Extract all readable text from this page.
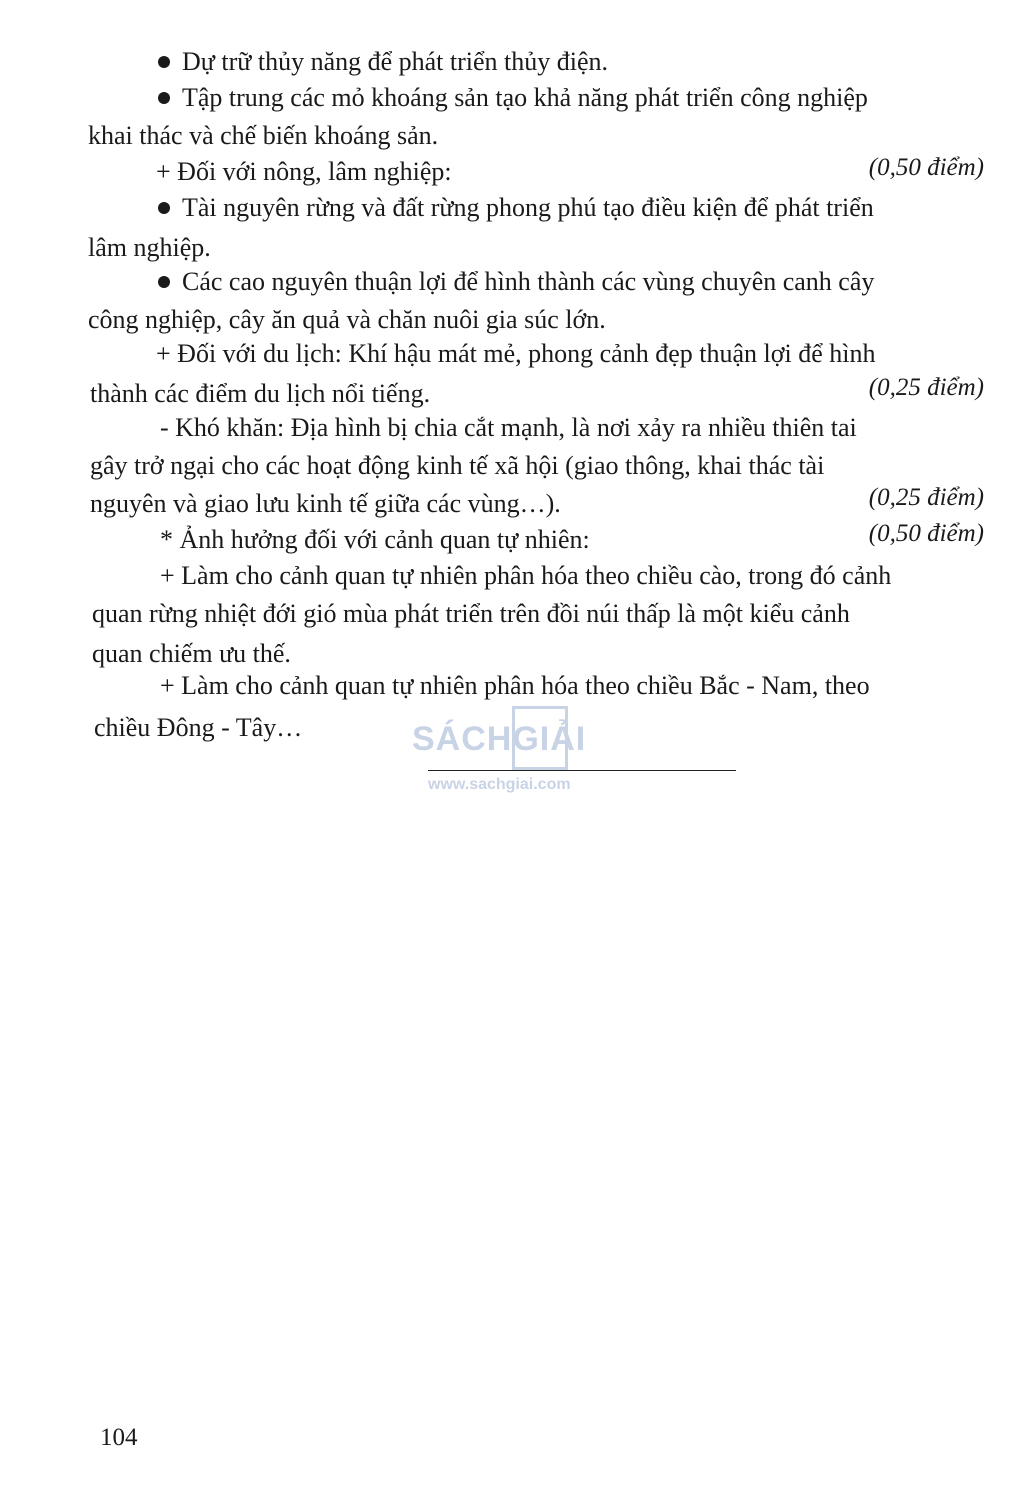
Dự trữ thủy năng để phát triển thủy điện.
Tập trung các mỏ khoáng sản tạo khả năng phát triển công nghiệp
khai thác và chế biến khoáng sản.
+ Đối với nông, lâm nghiệp:	(0,50 điểm)
Tài nguyên rừng và đất rừng phong phú tạo điều kiện để phát triển
lâm nghiệp.
Các cao nguyên thuận lợi để hình thành các vùng chuyên canh cây
công nghiệp, cây ăn quả và chăn nuôi gia súc lớn.
+ Đối với du lịch: Khí hậu mát mẻ, phong cảnh đẹp thuận lợi để hình
thành các điểm du lịch nổi tiếng.	(0,25 điểm)
- Khó khăn: Địa hình bị chia cắt mạnh, là nơi xảy ra nhiều thiên tai
gây trở ngại cho các hoạt động kinh tế xã hội (giao thông, khai thác tài
nguyên và giao lưu kinh tế giữa các vùng…).	(0,25 điểm)
* Ảnh hưởng đối với cảnh quan tự nhiên:	(0,50 điểm)
+ Làm cho cảnh quan tự nhiên phân hóa theo chiều cào, trong đó cảnh
quan rừng nhiệt đới gió mùa phát triển trên đồi núi thấp là một kiểu cảnh
quan chiếm ưu thế.
+ Làm cho cảnh quan tự nhiên phân hóa theo chiều Bắc - Nam, theo
chiều Đông - Tây…	SÁCHGIẢI
www.sachgiai.com
104
